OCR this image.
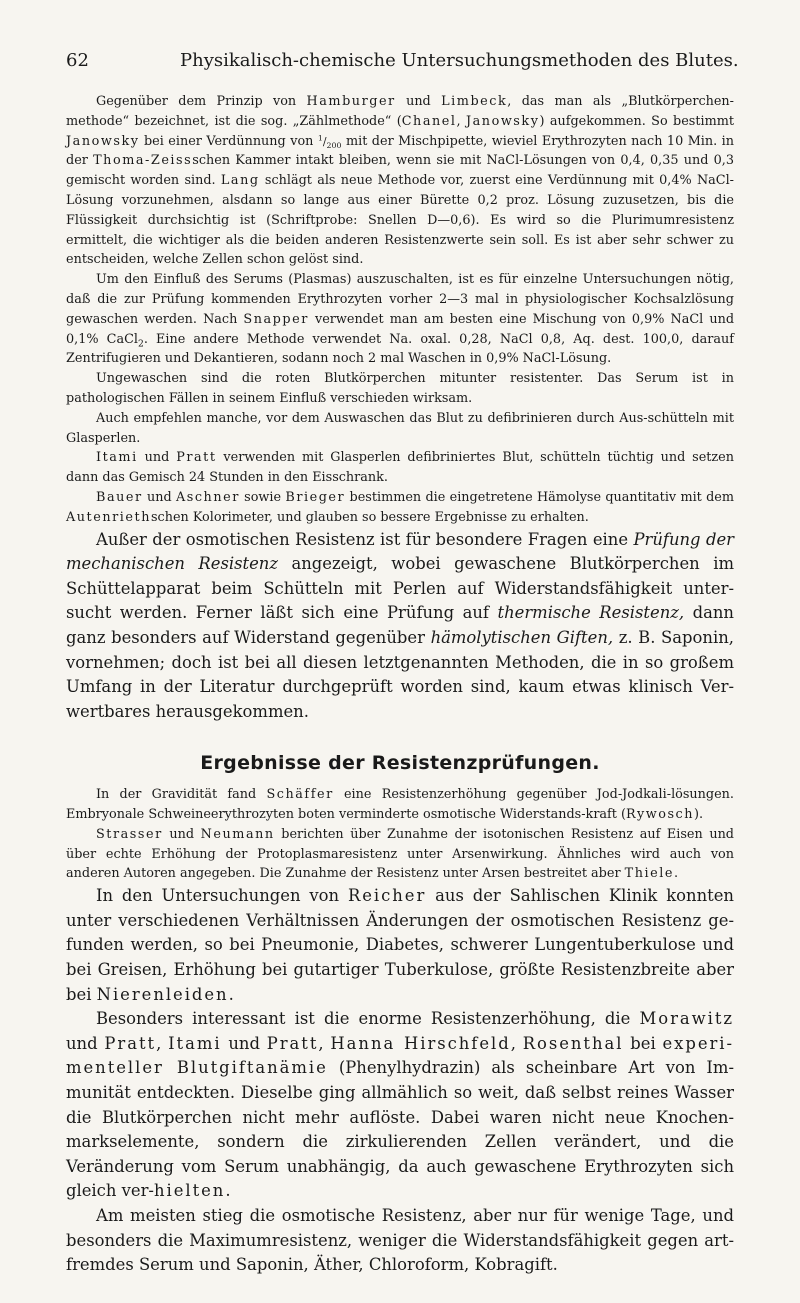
62	Physikalisch-chemische Untersuchungsmethoden des Blutes.

Gegenüber dem Prinzip von Hamburger und Limbeck, das man als „Blutkörperchen-methode“ bezeichnet, ist die sog. „Zählmethode“ (Chanel, Janowsky) aufgekommen. So bestimmt Janowsky bei einer Verdünnung von $^1/_{200}$ mit der Mischpipette, wieviel Erythrozyten nach 10 Min. in der Thoma-Zeissschen Kammer intakt bleiben, wenn sie mit NaCl-Lösungen von 0,4, 0,35 und 0,3 gemischt worden sind. Lang schlägt als neue Methode vor, zuerst eine Verdünnung mit 0,4% NaCl-Lösung vorzunehmen, alsdann so lange aus einer Bürette 0,2 proz. Lösung zuzusetzen, bis die Flüssigkeit durchsichtig ist (Schriftprobe: Snellen D—0,6). Es wird so die Plurimumresistenz ermittelt, die wichtiger als die beiden anderen Resistenzwerte sein soll. Es ist aber sehr schwer zu entscheiden, welche Zellen schon gelöst sind.

Um den Einfluß des Serums (Plasmas) auszuschalten, ist es für einzelne Untersuchungen nötig, daß die zur Prüfung kommenden Erythrozyten vorher 2—3 mal in physiologischer Kochsalzlösung gewaschen werden. Nach Snapper verwendet man am besten eine Mischung von 0,9% NaCl und 0,1% CaCl$_2$. Eine andere Methode verwendet Na. oxal. 0,28, NaCl 0,8, Aq. dest. 100,0, darauf Zentrifugieren und Dekantieren, sodann noch 2 mal Waschen in 0,9% NaCl-Lösung.

Ungewaschen sind die roten Blutkörperchen mitunter resistenter. Das Serum ist in pathologischen Fällen in seinem Einfluß verschieden wirksam.

Auch empfehlen manche, vor dem Auswaschen das Blut zu defibrinieren durch Aus-schütteln mit Glasperlen.

Itami und Pratt verwenden mit Glasperlen defibriniertes Blut, schütteln tüchtig und setzen dann das Gemisch 24 Stunden in den Eisschrank.

Bauer und Aschner sowie Brieger bestimmen die eingetretene Hämolyse quantitativ mit dem Autenriethschen Kolorimeter, und glauben so bessere Ergebnisse zu erhalten.

Außer der osmotischen Resistenz ist für besondere Fragen eine Prüfung der mechanischen Resistenz angezeigt, wobei gewaschene Blutkörperchen im Schüttelapparat beim Schütteln mit Perlen auf Widerstandsfähigkeit unter-sucht werden. Ferner läßt sich eine Prüfung auf thermische Resistenz, dann ganz besonders auf Widerstand gegenüber hämolytischen Giften, z. B. Saponin, vornehmen; doch ist bei all diesen letztgenannten Methoden, die in so großem Umfang in der Literatur durchgeprüft worden sind, kaum etwas klinisch Ver-wertbares herausgekommen.

Ergebnisse der Resistenzprüfungen.

In der Gravidität fand Schäffer eine Resistenzerhöhung gegenüber Jod-Jodkali-lösungen. Embryonale Schweineerythrozyten boten verminderte osmotische Widerstands-kraft (Rywosch).

Strasser und Neumann berichten über Zunahme der isotonischen Resistenz auf Eisen und über echte Erhöhung der Protoplasmaresistenz unter Arsenwirkung. Ähnliches wird auch von anderen Autoren angegeben. Die Zunahme der Resistenz unter Arsen bestreitet aber Thiele.

In den Untersuchungen von Reicher aus der Sahlischen Klinik konnten unter verschiedenen Verhältnissen Änderungen der osmotischen Resistenz ge-funden werden, so bei Pneumonie, Diabetes, schwerer Lungentuberkulose und bei Greisen, Erhöhung bei gutartiger Tuberkulose, größte Resistenzbreite aber bei Nierenleiden.

Besonders interessant ist die enorme Resistenzerhöhung, die Morawitz und Pratt, Itami und Pratt, Hanna Hirschfeld, Rosenthal bei experi-menteller Blutgiftanämie (Phenylhydrazin) als scheinbare Art von Im-munität entdeckten. Dieselbe ging allmählich so weit, daß selbst reines Wasser die Blutkörperchen nicht mehr auflöste. Dabei waren nicht neue Knochen-markselemente, sondern die zirkulierenden Zellen verändert, und die Veränderung vom Serum unabhängig, da auch gewaschene Erythrozyten sich gleich ver-hielten.

Am meisten stieg die osmotische Resistenz, aber nur für wenige Tage, und besonders die Maximumresistenz, weniger die Widerstandsfähigkeit gegen art-fremdes Serum und Saponin, Äther, Chloroform, Kobragift.
